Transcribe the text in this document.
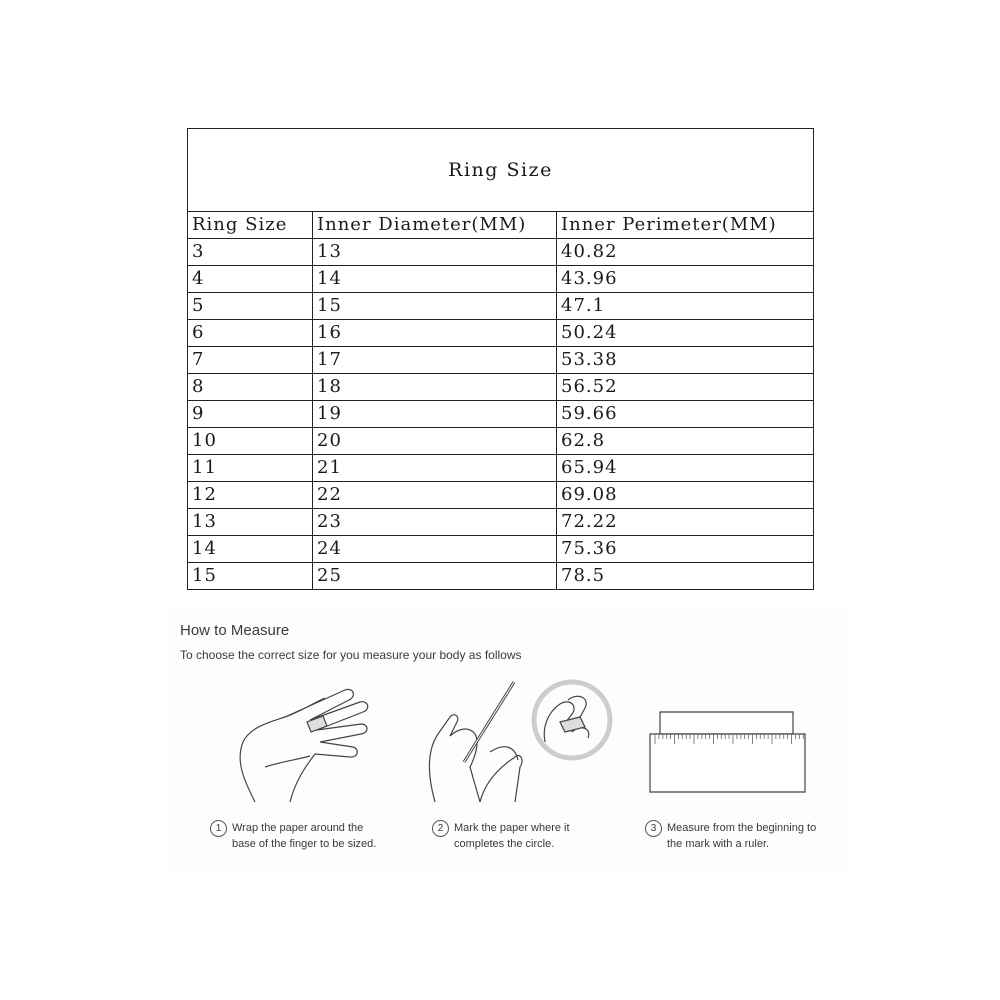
Ring Size		
Ring Size	Inner Diameter(MM)	Inner Perimeter(MM)
3	13	40.82
4	14	43.96
5	15	47.1
6	16	50.24
7	17	53.38
8	18	56.52
9	19	59.66
10	20	62.8
11	21	65.94
12	22	69.08
13	23	72.22
14	24	75.36
15	25	78.5
How to Measure
To choose the correct size for you measure your body as follows
1 Wrap the paper around the
base of the finger to be sized.
2 Mark the paper where it
completes the circle.
3 Measure from the beginning to
the mark with a ruler.
